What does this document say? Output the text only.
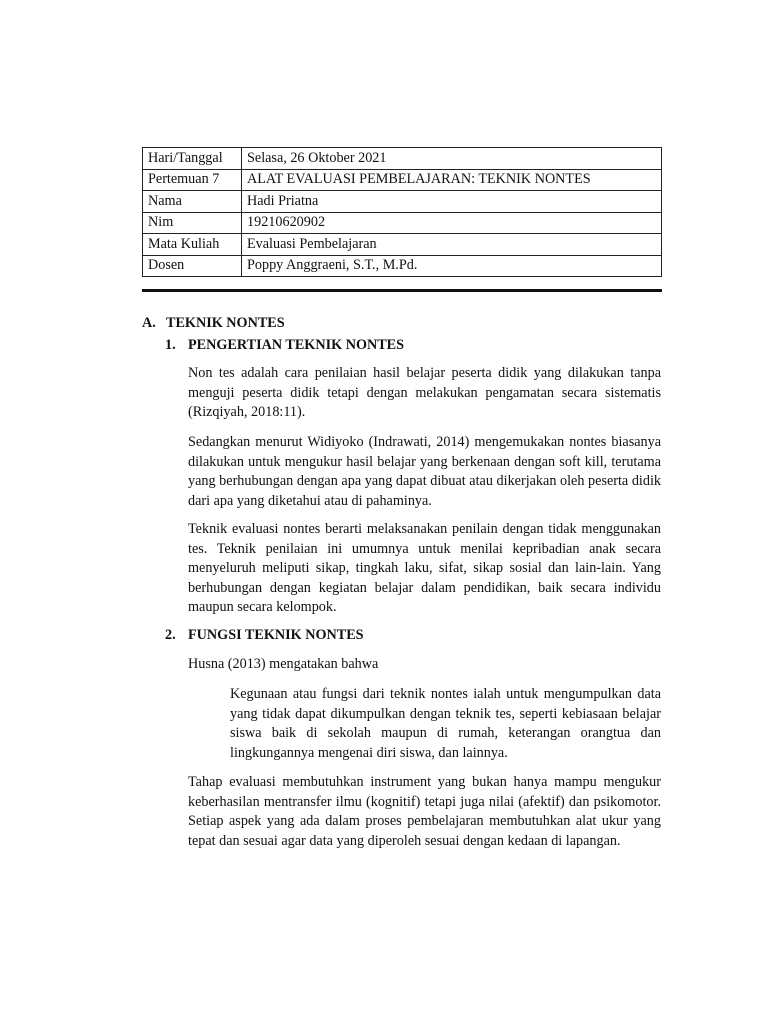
Hari/Tanggal	Selasa, 26 Oktober 2021
Pertemuan 7	ALAT EVALUASI PEMBELAJARAN: TEKNIK NONTES
Nama	Hadi Priatna
Nim	19210620902
Mata Kuliah	Evaluasi Pembelajaran
Dosen	Poppy Anggraeni, S.T., M.Pd.
A. TEKNIK NONTES
1. PENGERTIAN TEKNIK NONTES

Non tes adalah cara penilaian hasil belajar peserta didik yang dilakukan tanpa menguji peserta didik tetapi dengan melakukan pengamatan secara sistematis (Rizqiyah, 2018:11).

Sedangkan menurut Widiyoko (Indrawati, 2014) mengemukakan nontes biasanya dilakukan untuk mengukur hasil belajar yang berkenaan dengan soft kill, terutama yang berhubungan dengan apa yang dapat dibuat atau dikerjakan oleh peserta didik dari apa yang diketahui atau di pahaminya.

Teknik evaluasi nontes berarti melaksanakan penilain dengan tidak menggunakan tes. Teknik penilaian ini umumnya untuk menilai kepribadian anak secara menyeluruh meliputi sikap, tingkah laku, sifat, sikap sosial dan lain-lain. Yang berhubungan dengan kegiatan belajar dalam pendidikan, baik secara individu maupun secara kelompok.

2. FUNGSI TEKNIK NONTES
Husna (2013) mengatakan bahwa

Kegunaan atau fungsi dari teknik nontes ialah untuk mengumpulkan data yang tidak dapat dikumpulkan dengan teknik tes, seperti kebiasaan belajar siswa baik di sekolah maupun di rumah, keterangan orangtua dan lingkungannya mengenai diri siswa, dan lainnya.

Tahap evaluasi membutuhkan instrument yang bukan hanya mampu mengukur keberhasilan mentransfer ilmu (kognitif) tetapi juga nilai (afektif) dan psikomotor. Setiap aspek yang ada dalam proses pembelajaran membutuhkan alat ukur yang tepat dan sesuai agar data yang diperoleh sesuai dengan kedaan di lapangan.
